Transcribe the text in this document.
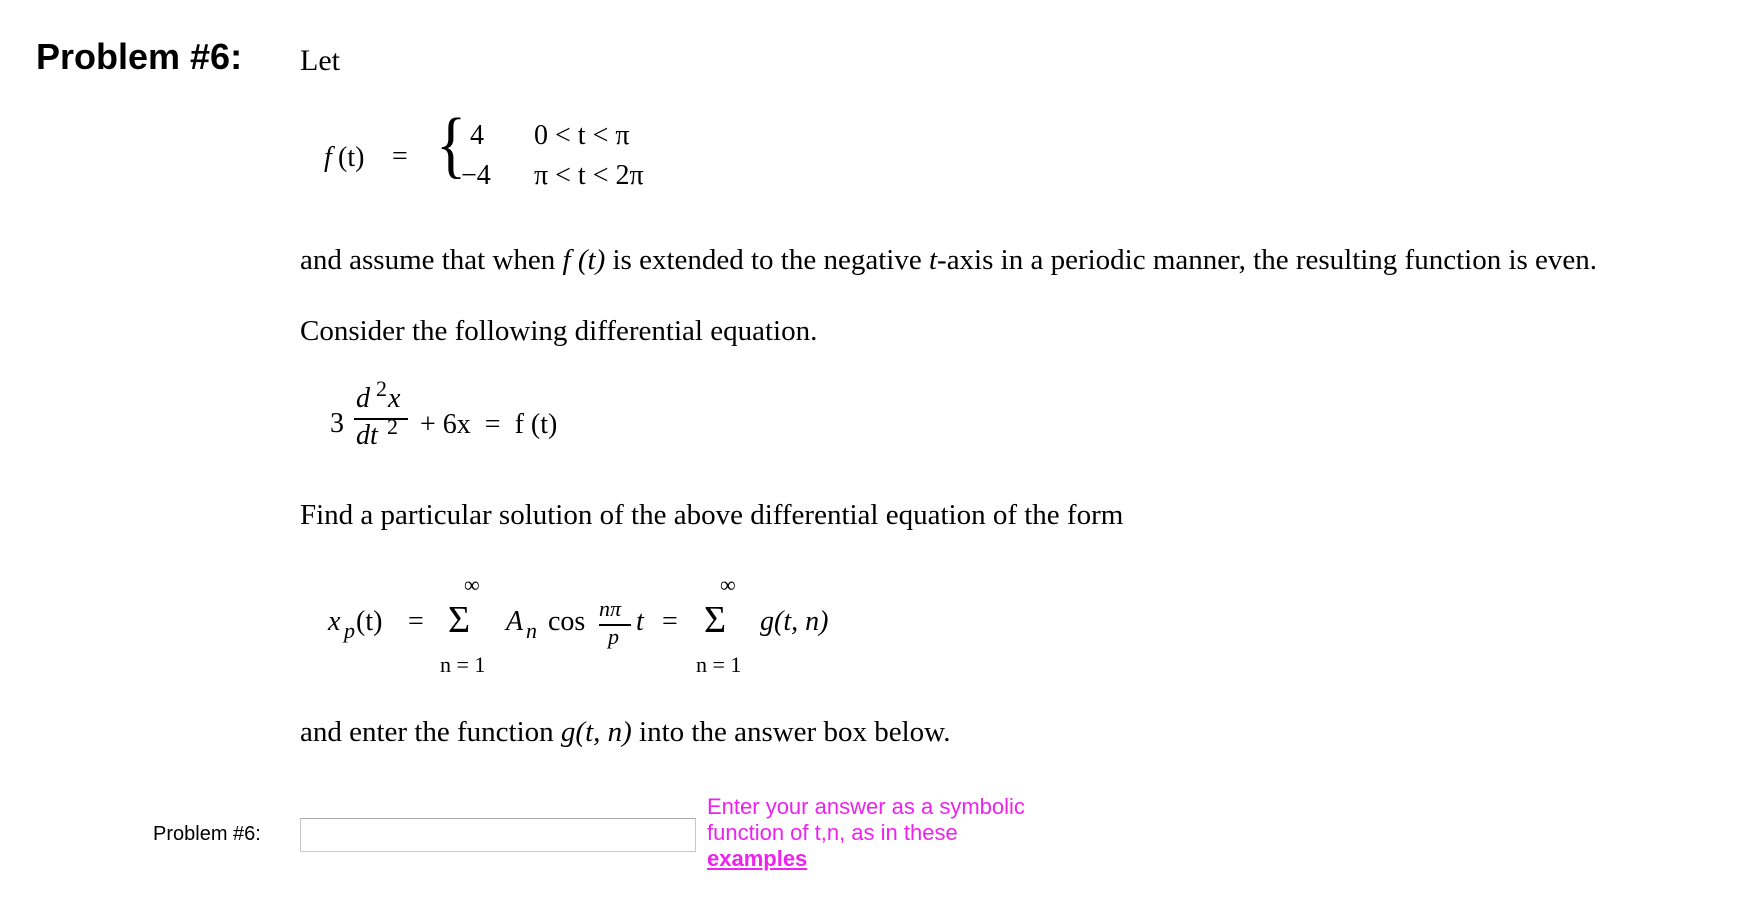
Problem #6: Let
f (t) = { 4 0 < t < π
−4 π < t < 2π
and assume that when f (t) is extended to the negative t-axis in a periodic manner, the resulting function is even.
Consider the following differential equation.
3
d 2 x
dt 2 + 6x  =  f (t)
Find a particular solution of the above differential equation of the form
x p (t) =
∞
Σ
n = 1
A n cos nπ
p t =
∞
Σ
n = 1
g(t, n)
and enter the function g(t, n) into the answer box below.
Problem #6:
Enter your answer as a symbolic
function of t,n, as in these
examples
